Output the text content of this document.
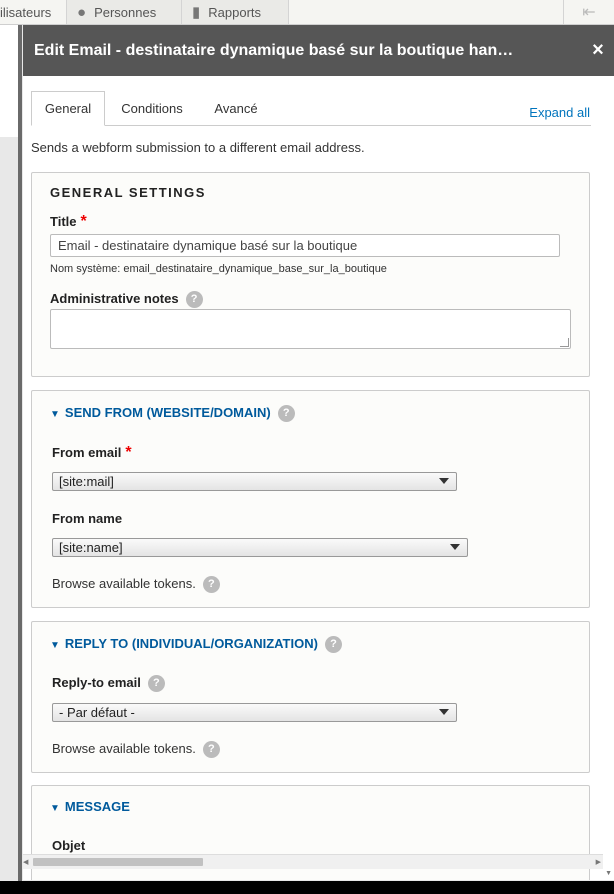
ilisateurs ● Personnes ▮ Rapports	⇤
Edit Email - destinataire dynamique basé sur la boutique han…	×
General	Conditions	Avancé	Expand all
Sends a webform submission to a different email address.
GENERAL SETTINGS
Title *
Email - destinataire dynamique basé sur la boutique
Nom système: email_destinataire_dynamique_base_sur_la_boutique
Administrative notes ?
▼ SEND FROM (WEBSITE/DOMAIN) ?
From email *
[site:mail]
From name
[site:name]
Browse available tokens. ?
▼ REPLY TO (INDIVIDUAL/ORGANIZATION) ?
Reply-to email ?
- Par défaut -
Browse available tokens. ?
▼ MESSAGE
Objet
◀	▶
▼
